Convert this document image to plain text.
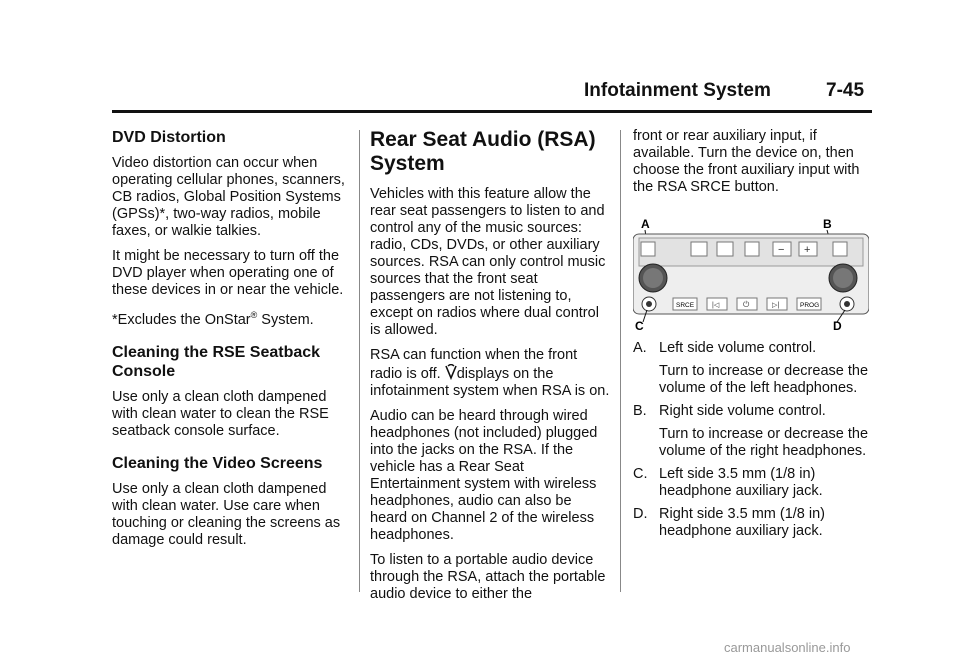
Infotainment System	7-45
DVD Distortion

Video distortion can occur when operating cellular phones, scanners, CB radios, Global Position Systems (GPSs)*, two-way radios, mobile faxes, or walkie talkies.

It might be necessary to turn off the DVD player when operating one of these devices in or near the vehicle.

*Excludes the OnStar® System.

Cleaning the RSE Seatback Console

Use only a clean cloth dampened with clean water to clean the RSE seatback console surface.

Cleaning the Video Screens

Use only a clean cloth dampened with clean water. Use care when touching or cleaning the screens as damage could result.

Rear Seat Audio (RSA) System

Vehicles with this feature allow the rear seat passengers to listen to and control any of the music sources: radio, CDs, DVDs, or other auxiliary sources. RSA can only control music sources that the front seat passengers are not listening to, except on radios where dual control is allowed.

RSA can function when the front radio is off. displays on the infotainment system when RSA is on.

Audio can be heard through wired headphones (not included) plugged into the jacks on the RSA. If the vehicle has a Rear Seat Entertainment system with wireless headphones, audio can also be heard on Channel 2 of the wireless headphones.

To listen to a portable audio device through the RSA, attach the portable audio device to either the

front or rear auxiliary input, if available. Turn the device on, then choose the front auxiliary input with the RSA SRCE button.

A	B
− +
SRCE	|◁	⏻	▷|	PROG
C	D
A. Left side volume control.
Turn to increase or decrease the volume of the left headphones.
B. Right side volume control.
Turn to increase or decrease the volume of the right headphones.
C. Left side 3.5 mm (1/8 in) headphone auxiliary jack.
D. Right side 3.5 mm (1/8 in) headphone auxiliary jack.
carmanualsonline.info
